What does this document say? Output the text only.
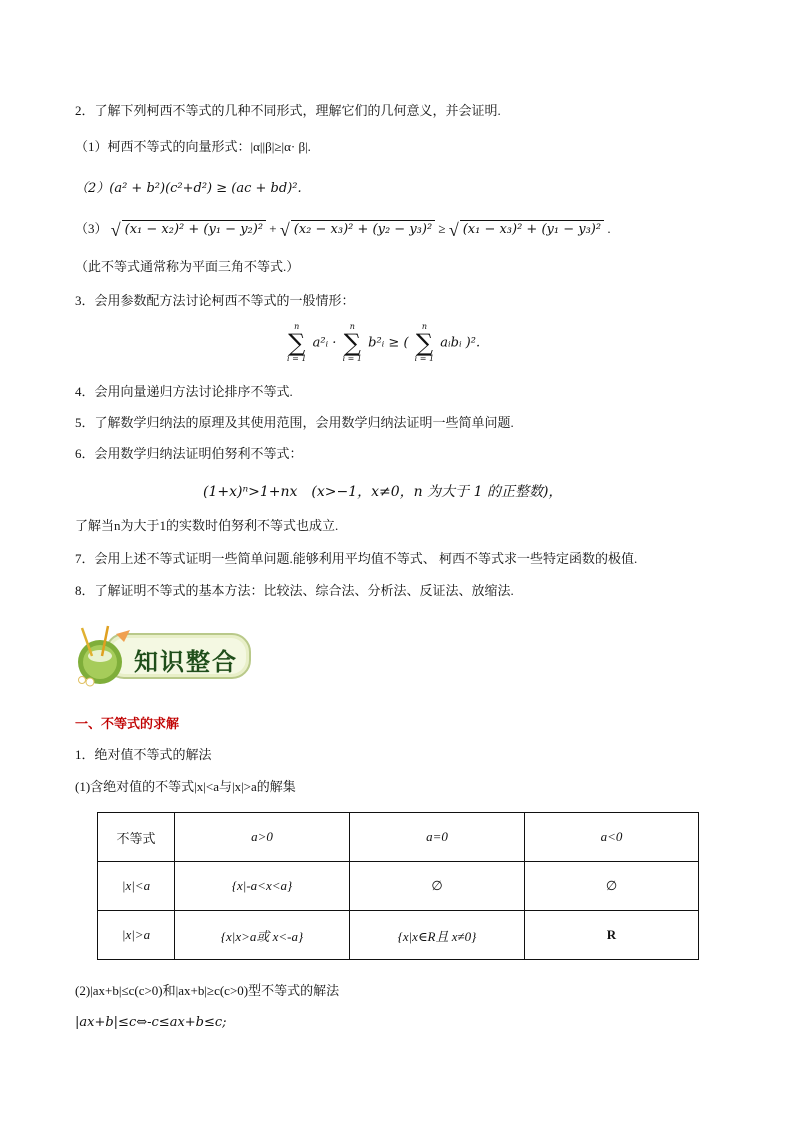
2．了解下列柯西不等式的几种不同形式，理解它们的几何意义，并会证明.
（1）柯西不等式的向量形式：|α||β|≥|α· β|.
（2）(a² + b²)(c²+d²) ≥ (ac + bd)².
（3） √ (x₁ − x₂)² + (y₁ − y₂)² + √ (x₂ − x₃)² + (y₂ − y₃)² ≥ √ (x₁ − x₃)² + (y₁ − y₃)² .
（此不等式通常称为平面三角不等式.）
3．会用参数配方法讨论柯西不等式的一般情形：
n
∑
i = 1
a²ᵢ ·
n
∑
i = 1
b²ᵢ ≥ (
n
∑
i = 1
aᵢbᵢ )².
4．会用向量递归方法讨论排序不等式.
5．了解数学归纳法的原理及其使用范围，会用数学归纳法证明一些简单问题.
6．会用数学归纳法证明伯努利不等式：
(1+x)ⁿ>1+nx　(x>−1，x≠0，n 为大于 1 的正整数)，
了解当n为大于1的实数时伯努利不等式也成立.
7．会用上述不等式证明一些简单问题.能够利用平均值不等式、 柯西不等式求一些特定函数的极值.
8．了解证明不等式的基本方法：比较法、综合法、分析法、反证法、放缩法.
知识整合
一、不等式的求解
1．绝对值不等式的解法
(1)含绝对值的不等式|x|<a与|x|>a的解集
不等式	a>0	a=0	a<0
|x|<a	{x|-a<x<a}	∅	∅
|x|>a	{x|x>a或 x<-a}	{x|x∈R且 x≠0}	R
(2)|ax+b|≤c(c>0)和|ax+b|≥c(c>0)型不等式的解法
|ax+b|≤c⇔-c≤ax+b≤c;
